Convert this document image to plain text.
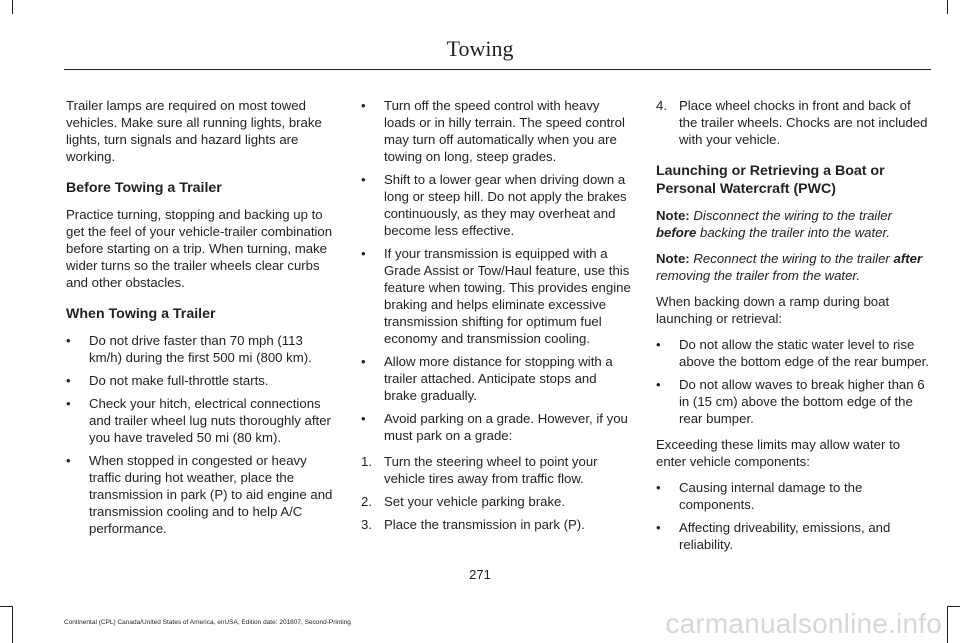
Towing

Trailer lamps are required on most towed vehicles. Make sure all running lights, brake lights, turn signals and hazard lights are working.

Before Towing a Trailer

Practice turning, stopping and backing up to get the feel of your vehicle-trailer combination before starting on a trip. When turning, make wider turns so the trailer wheels clear curbs and other obstacles.

When Towing a Trailer
• Do not drive faster than 70 mph (113 km/h) during the first 500 mi (800 km).
• Do not make full-throttle starts.
• Check your hitch, electrical connections and trailer wheel lug nuts thoroughly after you have traveled 50 mi (80 km).
• When stopped in congested or heavy traffic during hot weather, place the transmission in park (P) to aid engine and transmission cooling and to help A/C performance.
• Turn off the speed control with heavy loads or in hilly terrain. The speed control may turn off automatically when you are towing on long, steep grades.
• Shift to a lower gear when driving down a long or steep hill. Do not apply the brakes continuously, as they may overheat and become less effective.
• If your transmission is equipped with a Grade Assist or Tow/Haul feature, use this feature when towing. This provides engine braking and helps eliminate excessive transmission shifting for optimum fuel economy and transmission cooling.
• Allow more distance for stopping with a trailer attached. Anticipate stops and brake gradually.
• Avoid parking on a grade. However, if you must park on a grade:
1. Turn the steering wheel to point your vehicle tires away from traffic flow.
2. Set your vehicle parking brake.
3. Place the transmission in park (P).
4. Place wheel chocks in front and back of the trailer wheels. Chocks are not included with your vehicle.
Launching or Retrieving a Boat or Personal Watercraft (PWC)

Note: Disconnect the wiring to the trailer before backing the trailer into the water.

Note: Reconnect the wiring to the trailer after removing the trailer from the water.

When backing down a ramp during boat launching or retrieval:

• Do not allow the static water level to rise above the bottom edge of the rear bumper.
• Do not allow waves to break higher than 6 in (15 cm) above the bottom edge of the rear bumper.

Exceeding these limits may allow water to enter vehicle components:

• Causing internal damage to the components.
• Affecting driveability, emissions, and reliability.
271
Continental (CPL) Canada/United States of America, enUSA, Edition date: 201807, Second-Printing	carmanualsonline.info
